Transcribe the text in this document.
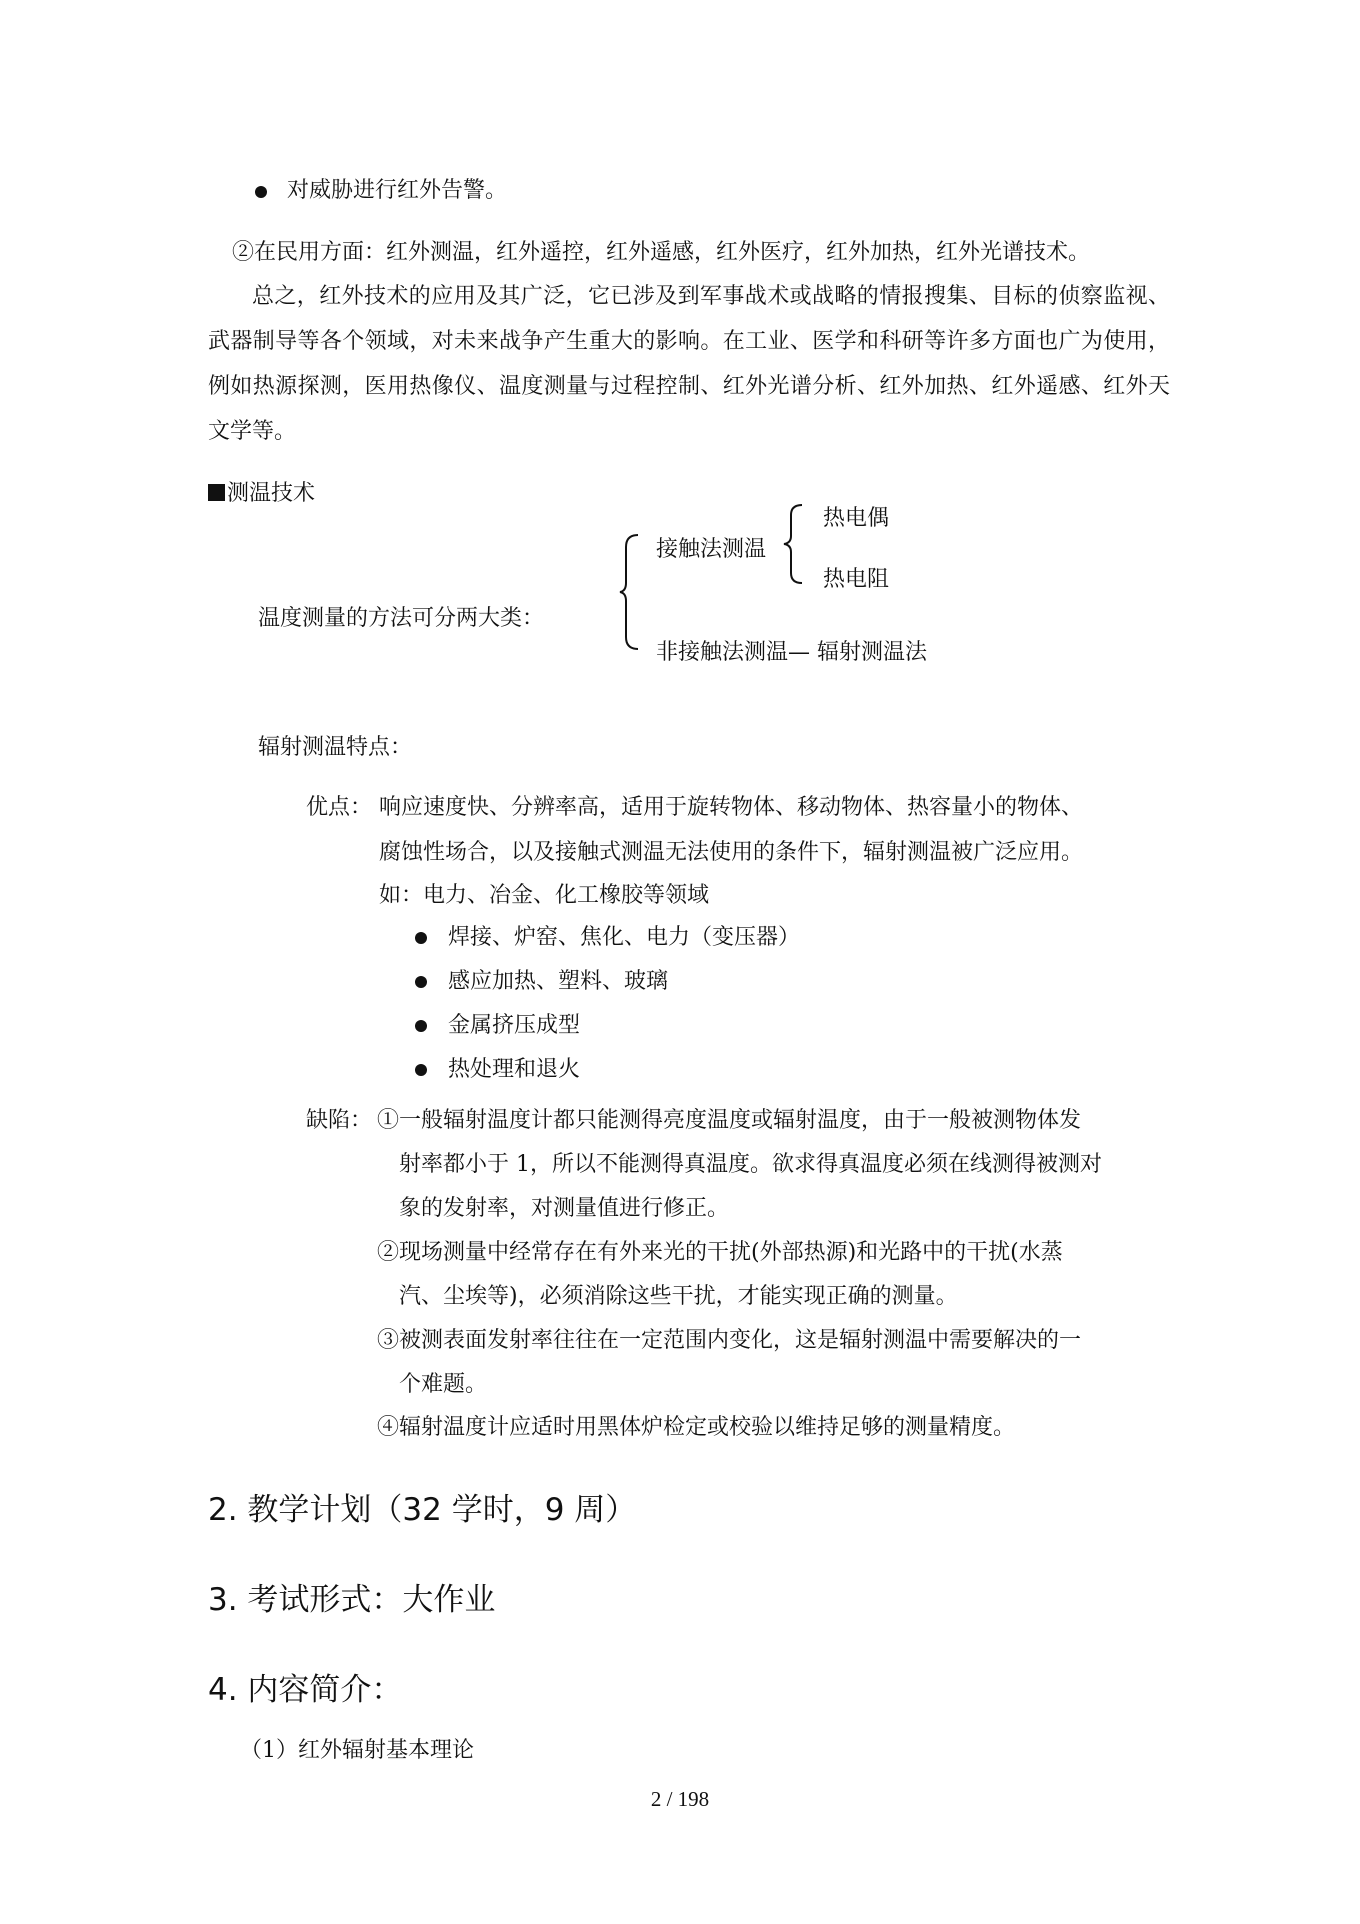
对威胁进行红外告警。
②在民用方面：红外测温，红外遥控，红外遥感，红外医疗，红外加热，红外光谱技术。
总之，红外技术的应用及其广泛，它已涉及到军事战术或战略的情报搜集、目标的侦察监视、武器制导等各个领域，对未来战争产生重大的影响。在工业、医学和科研等许多方面也广为使用，例如热源探测，医用热像仪、温度测量与过程控制、红外光谱分析、红外加热、红外遥感、红外天文学等。
测温技术
温度测量的方法可分两大类：
接触法测温
热电偶
热电阻
非接触法测温— 辐射测温法
辐射测温特点：
优点： 响应速度快、分辨率高，适用于旋转物体、移动物体、热容量小的物体、
腐蚀性场合，以及接触式测温无法使用的条件下，辐射测温被广泛应用。
如：电力、冶金、化工橡胶等领域
焊接、炉窑、焦化、电力（变压器）
感应加热、塑料、玻璃
金属挤压成型
热处理和退火
缺陷： ①一般辐射温度计都只能测得亮度温度或辐射温度，由于一般被测物体发
射率都小于 1，所以不能测得真温度。欲求得真温度必须在线测得被测对
象的发射率，对测量值进行修正。
②现场测量中经常存在有外来光的干扰(外部热源)和光路中的干扰(水蒸
汽、尘埃等)，必须消除这些干扰，才能实现正确的测量。
③被测表面发射率往往在一定范围内变化，这是辐射测温中需要解决的一
个难题。
④辐射温度计应适时用黑体炉检定或校验以维持足够的测量精度。
2. 教学计划（32 学时，9 周）
3. 考试形式：大作业
4. 内容简介：
（1）红外辐射基本理论
2 / 198
